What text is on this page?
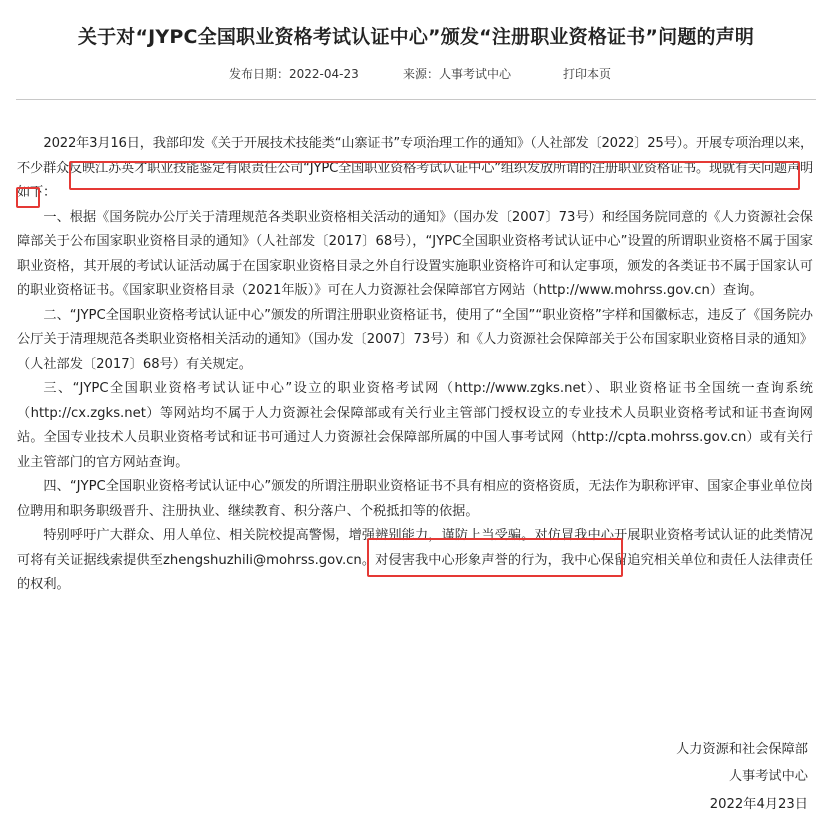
关于对“JYPC全国职业资格考试认证中心”颁发“注册职业资格证书”问题的声明
发布日期：2022-04-23	来源：人事考试中心	打印本页

2022年3月16日，我部印发《关于开展技术技能类“山寨证书”专项治理工作的通知》（人社部发〔2022〕25号）。开展专项治理以来，不少群众反映江苏英才职业技能鉴定有限责任公司“JYPC全国职业资格考试认证中心”组织发放所谓的注册职业资格证书。现就有关问题声明如下：

一、根据《国务院办公厅关于清理规范各类职业资格相关活动的通知》（国办发〔2007〕73号）和经国务院同意的《人力资源社会保障部关于公布国家职业资格目录的通知》（人社部发〔2017〕68号），“JYPC全国职业资格考试认证中心”设置的所谓职业资格不属于国家职业资格，其开展的考试认证活动属于在国家职业资格目录之外自行设置实施职业资格许可和认定事项，颁发的各类证书不属于国家认可的职业资格证书。《国家职业资格目录（2021年版）》可在人力资源社会保障部官方网站（http://www.mohrss.gov.cn）查询。

二、“JYPC全国职业资格考试认证中心”颁发的所谓注册职业资格证书，使用了“全国”“职业资格”字样和国徽标志，违反了《国务院办公厅关于清理规范各类职业资格相关活动的通知》（国办发〔2007〕73号）和《人力资源社会保障部关于公布国家职业资格目录的通知》（人社部发〔2017〕68号）有关规定。

三、“JYPC全国职业资格考试认证中心”设立的职业资格考试网（http://www.zgks.net）、职业资格证书全国统一查询系统（http://cx.zgks.net）等网站均不属于人力资源社会保障部或有关行业主管部门授权设立的专业技术人员职业资格考试和证书查询网站。全国专业技术人员职业资格考试和证书可通过人力资源社会保障部所属的中国人事考试网（http://cpta.mohrss.gov.cn）或有关行业主管部门的官方网站查询。

四、“JYPC全国职业资格考试认证中心”颁发的所谓注册职业资格证书不具有相应的资格资质，无法作为职称评审、国家企事业单位岗位聘用和职务职级晋升、注册执业、继续教育、积分落户、个税抵扣等的依据。

特别呼吁广大群众、用人单位、相关院校提高警惕，增强辨别能力，谨防上当受骗。对仿冒我中心开展职业资格考试认证的此类情况可将有关证据线索提供至zhengshuzhili@mohrss.gov.cn。对侵害我中心形象声誉的行为，我中心保留追究相关单位和责任人法律责任的权利。

人力资源和社会保障部
人事考试中心
2022年4月23日
